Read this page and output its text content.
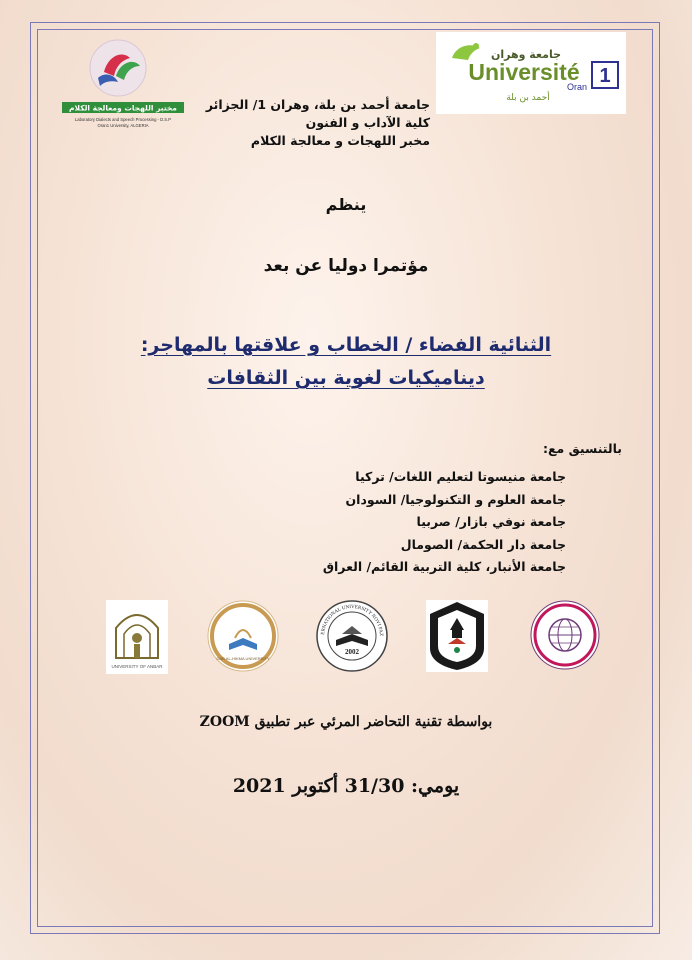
جامعة وهران
Université
Oran 1
أحمد بن بلة
مختبر اللهجات ومعالجة الكلام
Laboratory Dialects and Speech Processing - D.S.P
Oran1 University, ALGERIA
جامعة أحمد بن بلة، وهران 1/ الجزائر
كلية الآداب و الفنون
مخبر اللهجات و معالجة الكلام
ينظم
مؤتمرا دوليا عن بعد
الثنائية الفضاء / الخطاب و علاقتها بالمهاجر:
ديناميكيات لغوية بين الثقافات
بالتنسيق مع:
جامعة منيسوتا لتعليم اللغات/ تركيا
جامعة العلوم و التكنولوجيا/ السودان
جامعة نوفي بازار/ صربيا
جامعة دار الحكمة/ الصومال
جامعة الأنبار، كلية التربية القائم/ العراق
UNIVERSITY OF ANBAR
DAR AL-HIKMA UNIVERSITY
2002
ERNATIONAL UNIVERSITY NOVI PAZ
بواسطة تقنية التحاضر المرئي عبر تطبيق ZOOM
يومي: 31/30 أكتوبر 2021
